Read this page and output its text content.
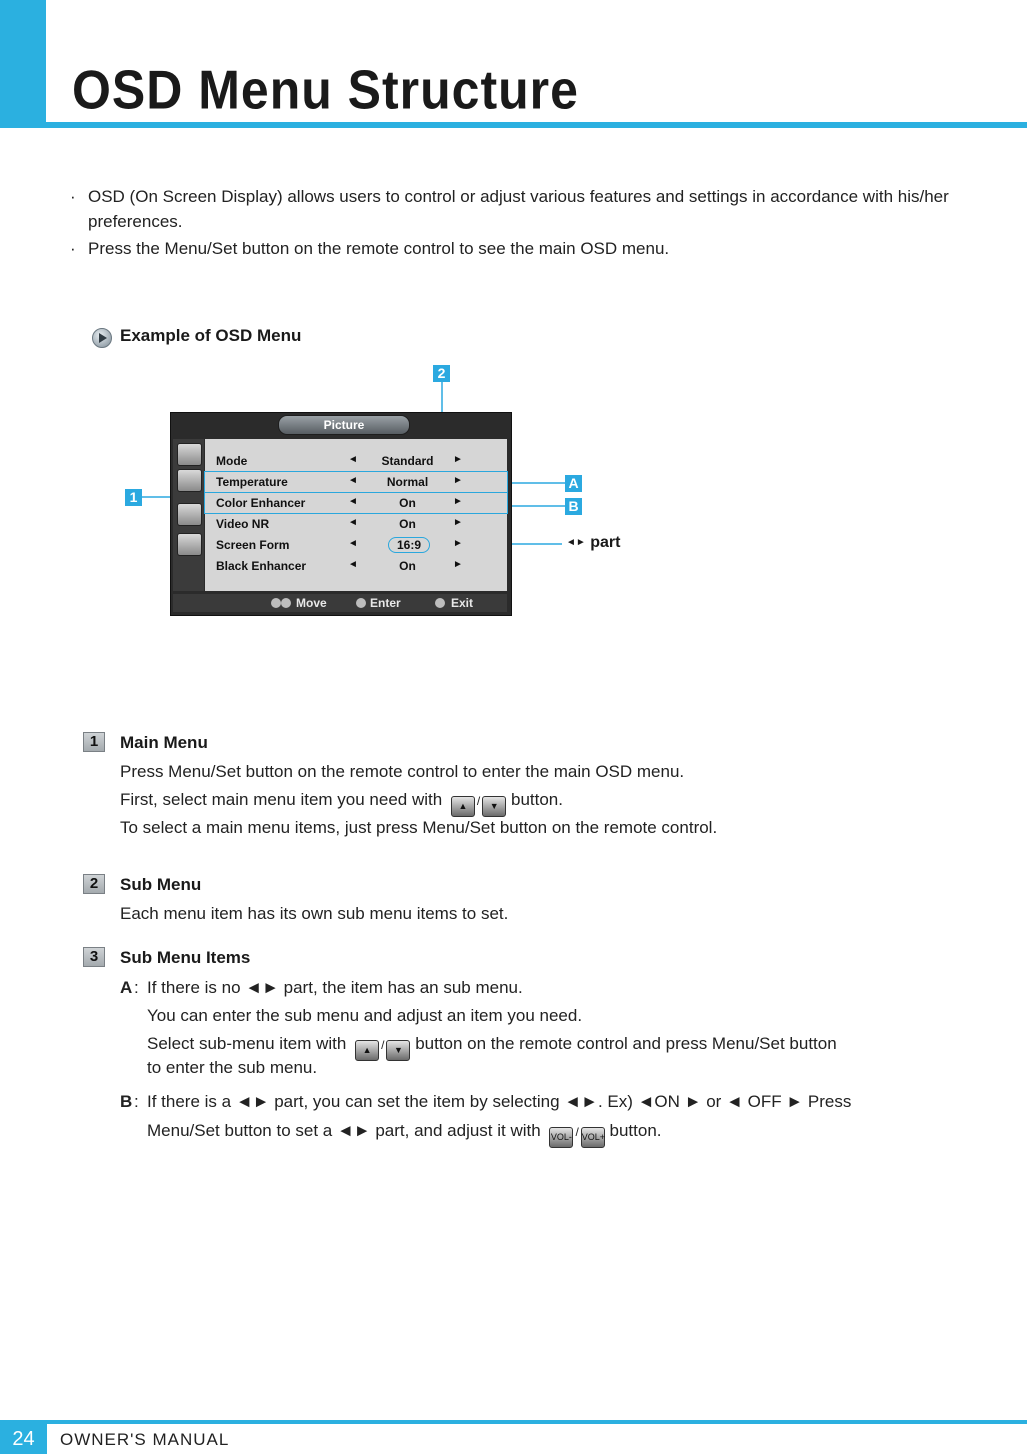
OSD Menu Structure
· OSD (On Screen Display) allows users to control or adjust various features and settings in accordance with his/her
preferences.
· Press the Menu/Set button on the remote control to see the main OSD menu.
Example of OSD Menu
Picture
Mode	◄	Standard	►
Temperature	◄	Normal	►
Color Enhancer	◄	On	►
Video NR	◄	On	►
Screen Form	◄	16:9	►
Black Enhancer	◄	On	►
Move	Enter	Exit
1
2
A
B
◄► part
1	Main Menu
Press Menu/Set button on the remote control to enter the main OSD menu.
First, select main menu item you need with ▲ / ▼ button.
To select a main menu items, just press Menu/Set button on the remote control.
2	Sub Menu
Each menu item has its own sub menu items to set.
3	Sub Menu Items
A : If there is no ◄► part, the item has an sub menu.
You can enter the sub menu and adjust an item you need.
Select sub-menu item with ▲ / ▼ button on the remote control and press Menu/Set button
to enter the sub menu.
B : If there is a ◄► part, you can set the item by selecting ◄►. Ex) ◄ON ► or ◄ OFF ► Press
Menu/Set button to set a ◄► part, and adjust it with VOL- / VOL+ button.
24	OWNER'S MANUAL
